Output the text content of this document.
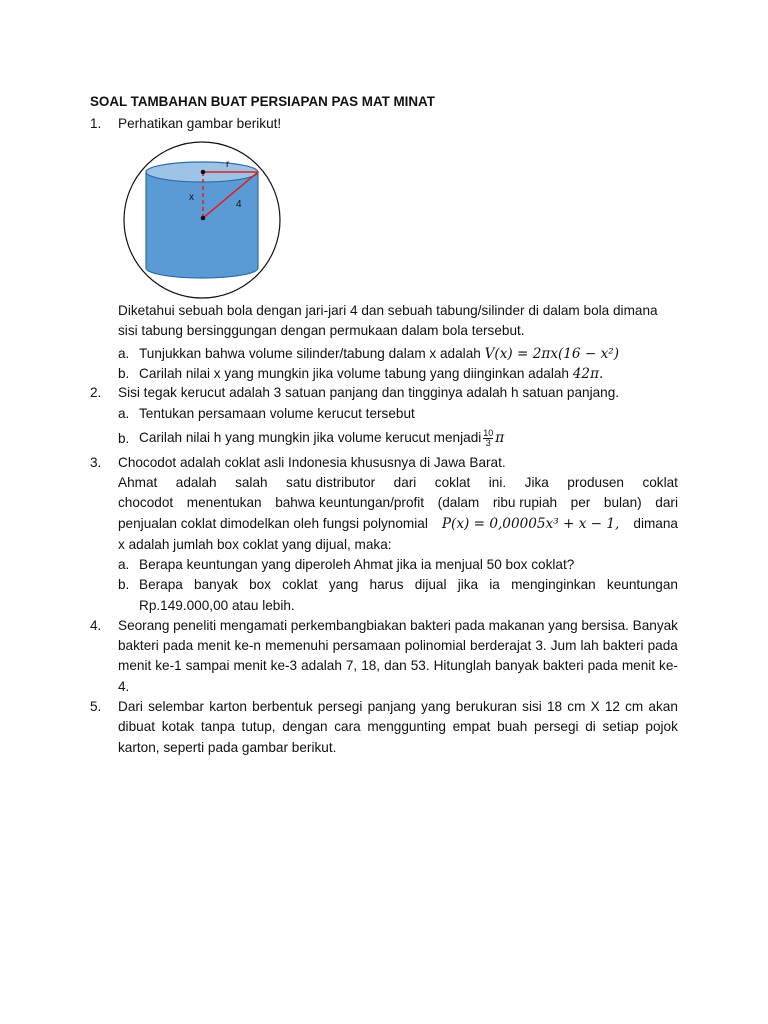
SOAL TAMBAHAN BUAT PERSIAPAN PAS MAT MINAT
1.	Perhatikan gambar berikut!
r
x
4
Diketahui sebuah bola dengan jari-jari 4 dan sebuah tabung/silinder di dalam bola dimana
sisi tabung bersinggungan dengan permukaan dalam bola tersebut.
a. Tunjukkan bahwa volume silinder/tabung dalam x adalah V(x) = 2πx(16 − x²)
b. Carilah nilai x yang mungkin jika volume tabung yang diinginkan adalah 42π.
2.	Sisi tegak kerucut adalah 3 satuan panjang dan tingginya adalah h satuan panjang.
a. Tentukan persamaan volume kerucut tersebut
b. Carilah nilai h yang mungkin jika volume kerucut menjadi $\frac{10}{3}$ π
3.	Chocodot adalah coklat asli Indonesia khususnya di Jawa Barat.
Ahmat adalah salah satu distributor dari coklat ini. Jika produsen coklat
chocodot menentukan bahwa keuntungan/profit (dalam ribu rupiah per bulan) dari
penjualan coklat dimodelkan oleh fungsi polynomial P(x) = 0,00005x³ + x − 1, dimana
x adalah jumlah box coklat yang dijual, maka:
a. Berapa keuntungan yang diperoleh Ahmat jika ia menjual 50 box coklat?
b. Berapa banyak box coklat yang harus dijual jika ia menginginkan keuntungan
Rp.149.000,00 atau lebih.
4.	Seorang peneliti mengamati perkembangbiakan bakteri pada makanan yang bersisa. Banyak
bakteri pada menit ke-n memenuhi persamaan polinomial berderajat 3. Jum lah bakteri pada
menit ke-1 sampai menit ke-3 adalah 7, 18, dan 53. Hitunglah banyak bakteri pada menit ke-
4.
5.	Dari selembar karton berbentuk persegi panjang yang berukuran sisi 18 cm X 12 cm akan
dibuat kotak tanpa tutup, dengan cara menggunting empat buah persegi di setiap pojok
karton, seperti pada gambar berikut.
